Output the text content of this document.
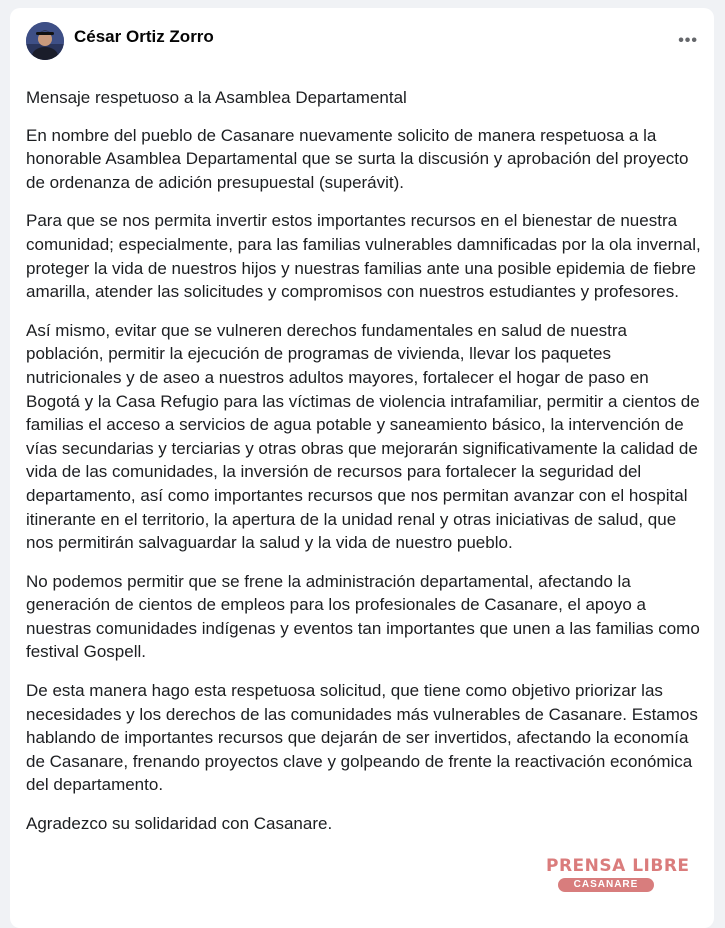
César Ortiz Zorro	•••

Mensaje respetuoso a la Asamblea Departamental

En nombre del pueblo de Casanare nuevamente solicito de manera respetuosa a la honorable Asamblea Departamental que se surta la discusión y aprobación del proyecto de ordenanza de adición presupuestal (superávit).

Para que se nos permita invertir estos importantes recursos en el bienestar de nuestra comunidad; especialmente, para las familias vulnerables damnificadas por la ola invernal, proteger la vida de nuestros hijos y nuestras familias ante una posible epidemia de fiebre amarilla, atender las solicitudes y compromisos con nuestros estudiantes y profesores.

Así mismo, evitar que se vulneren derechos fundamentales en salud de nuestra población, permitir la ejecución de programas de vivienda, llevar los paquetes nutricionales y de aseo a nuestros adultos mayores, fortalecer el hogar de paso en Bogotá y la Casa Refugio para las víctimas de violencia intrafamiliar, permitir a cientos de familias el acceso a servicios de agua potable y saneamiento básico, la intervención de vías secundarias y terciarias y otras obras que mejorarán significativamente la calidad de vida de las comunidades, la inversión de recursos para fortalecer la seguridad del departamento, así como importantes recursos que nos permitan avanzar con el hospital itinerante en el territorio, la apertura de la unidad renal y otras iniciativas de salud, que nos permitirán salvaguardar la salud y la vida de nuestro pueblo.

No podemos permitir que se frene la administración departamental, afectando la generación de cientos de empleos para los profesionales de Casanare, el apoyo a nuestras comunidades indígenas y eventos tan importantes que unen a las familias como festival Gospell.

De esta manera hago esta respetuosa solicitud, que tiene como objetivo priorizar las necesidades y los derechos de las comunidades más vulnerables de Casanare. Estamos hablando de importantes recursos que dejarán de ser invertidos, afectando la economía de Casanare, frenando proyectos clave y golpeando de frente la reactivación económica del departamento.

Agradezco su solidaridad con Casanare.

PRENSA LIBRE
CASANARE
